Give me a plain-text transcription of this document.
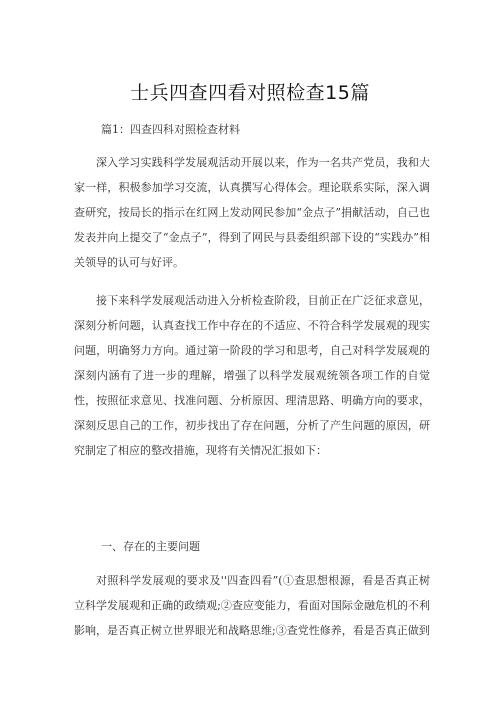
士兵四查四看对照检查15篇

篇1：四查四科对照检查材料

深入学习实践科学发展观活动开展以来，作为一名共产党员，我和大家一样，积极参加学习交流，认真撰写心得体会。理论联系实际，深入调查研究，按局长的指示在红网上发动网民参加“金点子”捐献活动，自己也发表并向上提交了“金点子”，得到了网民与县委组织部下设的“实践办”相关领导的认可与好评。

接下来科学发展观活动进入分析检查阶段，目前正在广泛征求意见，深刻分析问题，认真查找工作中存在的不适应、不符合科学发展观的现实问题，明确努力方向。通过第一阶段的学习和思考，自己对科学发展观的深刻内涵有了进一步的理解，增强了以科学发展观统领各项工作的自觉性，按照征求意见、找准问题、分析原因、理清思路、明确方向的要求，深刻反思自己的工作，初步找出了存在问题，分析了产生问题的原因，研究制定了相应的整改措施，现将有关情况汇报如下：

一、存在的主要问题

对照科学发展观的要求及''四查四看”(①查思想根源，看是否真正树立科学发展观和正确的政绩观;②查应变能力，看面对国际金融危机的不利影响，是否真正树立世界眼光和战略思维;③查党性修养，看是否真正做到
